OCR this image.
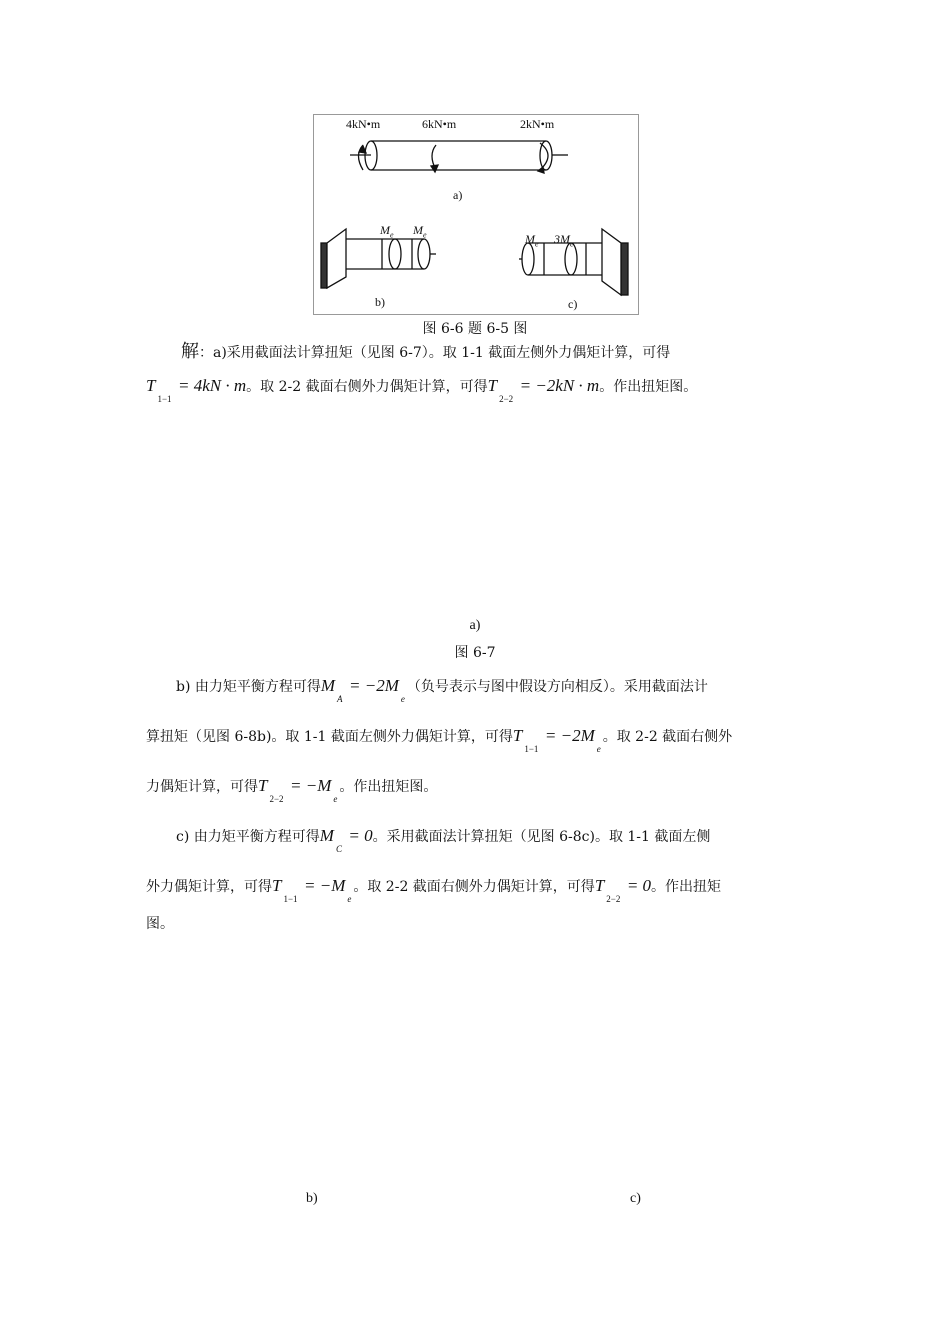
4kN•m	6kN•m	2kN•m
a)
$M_e$ $M_e$	$M_e$ $3M_e$
b)	c)
图 6-6 题 6-5 图
解：a)采用截面法计算扭矩（见图 6-7）。取 1-1 截面左侧外力偶矩计算，可得
$T_{1-1} = 4kN \cdot m$。取 2-2 截面右侧外力偶矩计算，可得$T_{2-2} = -2kN \cdot m$。作出扭矩图。
a)
图 6-7
b) 由力矩平衡方程可得$M_A = -2M_e$（负号表示与图中假设方向相反）。采用截面法计
算扭矩（见图 6-8b)。取 1-1 截面左侧外力偶矩计算，可得$T_{1-1} = -2M_e$。取 2-2 截面右侧外
力偶矩计算，可得$T_{2-2} = -M_e$。作出扭矩图。
c) 由力矩平衡方程可得$M_C = 0$。采用截面法计算扭矩（见图 6-8c)。取 1-1 截面左侧
外力偶矩计算，可得$T_{1-1} = -M_e$。取 2-2 截面右侧外力偶矩计算，可得$T_{2-2} = 0$。作出扭矩
图。
b)	c)
